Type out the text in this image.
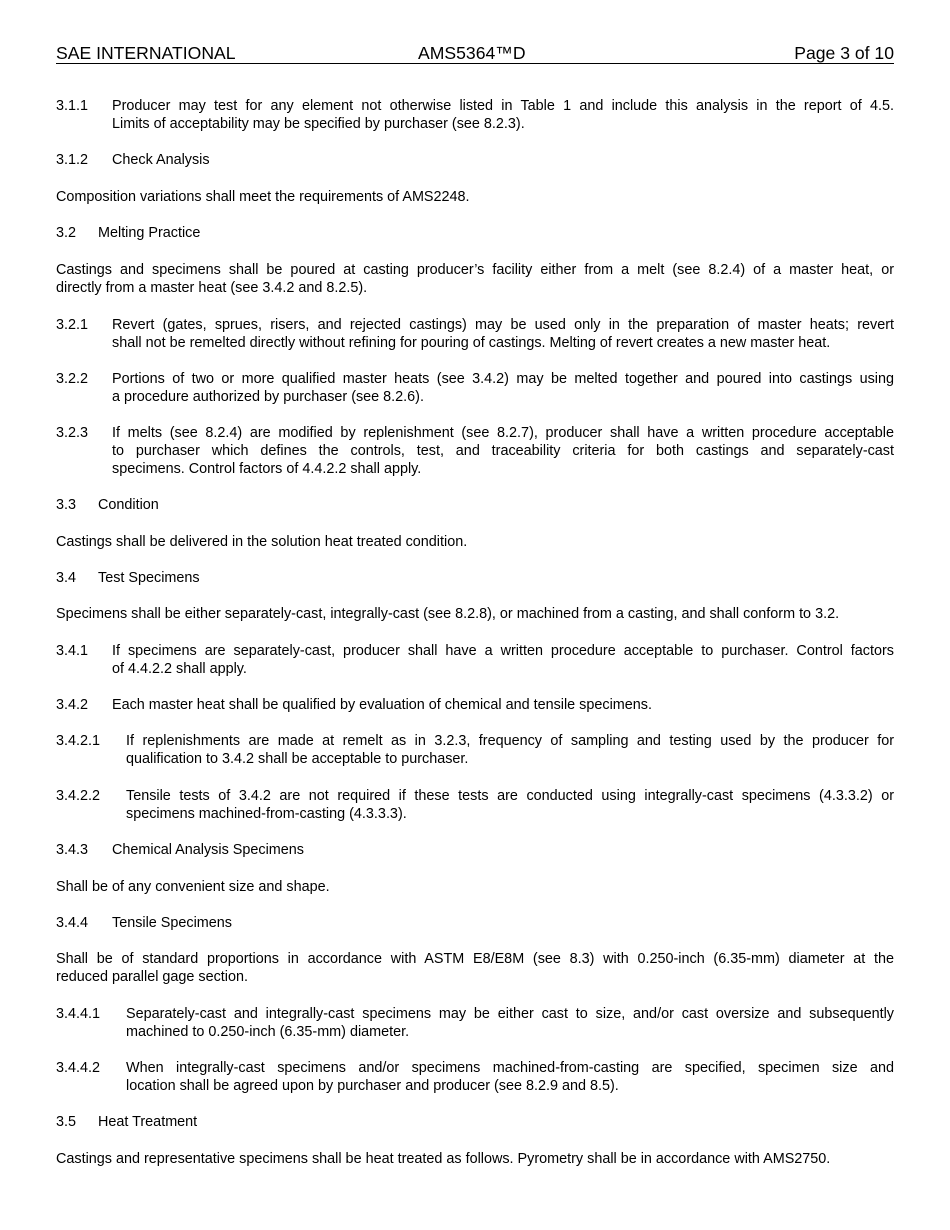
SAE INTERNATIONAL	AMS5364™D	Page 3 of 10
3.1.1 Producer may test for any element not otherwise listed in Table 1 and include this analysis in the report of 4.5.
Limits of acceptability may be specified by purchaser (see 8.2.3).
3.1.2 Check Analysis
Composition variations shall meet the requirements of AMS2248.
3.2 Melting Practice
Castings and specimens shall be poured at casting producer’s facility either from a melt (see 8.2.4) of a master heat, or
directly from a master heat (see 3.4.2 and 8.2.5).
3.2.1 Revert (gates, sprues, risers, and rejected castings) may be used only in the preparation of master heats; revert
shall not be remelted directly without refining for pouring of castings. Melting of revert creates a new master heat.
3.2.2 Portions of two or more qualified master heats (see 3.4.2) may be melted together and poured into castings using
a procedure authorized by purchaser (see 8.2.6).
3.2.3 If melts (see 8.2.4) are modified by replenishment (see 8.2.7), producer shall have a written procedure acceptable
to purchaser which defines the controls, test, and traceability criteria for both castings and separately-cast
specimens. Control factors of 4.4.2.2 shall apply.
3.3 Condition
Castings shall be delivered in the solution heat treated condition.
3.4 Test Specimens
Specimens shall be either separately-cast, integrally-cast (see 8.2.8), or machined from a casting, and shall conform to 3.2.
3.4.1 If specimens are separately-cast, producer shall have a written procedure acceptable to purchaser. Control factors
of 4.4.2.2 shall apply.
3.4.2 Each master heat shall be qualified by evaluation of chemical and tensile specimens.
3.4.2.1 If replenishments are made at remelt as in 3.2.3, frequency of sampling and testing used by the producer for
qualification to 3.4.2 shall be acceptable to purchaser.
3.4.2.2 Tensile tests of 3.4.2 are not required if these tests are conducted using integrally-cast specimens (4.3.3.2) or
specimens machined-from-casting (4.3.3.3).
3.4.3 Chemical Analysis Specimens
Shall be of any convenient size and shape.
3.4.4 Tensile Specimens
Shall be of standard proportions in accordance with ASTM E8/E8M (see 8.3) with 0.250-inch (6.35-mm) diameter at the
reduced parallel gage section.
3.4.4.1 Separately-cast and integrally-cast specimens may be either cast to size, and/or cast oversize and subsequently
machined to 0.250-inch (6.35-mm) diameter.
3.4.4.2 When integrally-cast specimens and/or specimens machined-from-casting are specified, specimen size and
location shall be agreed upon by purchaser and producer (see 8.2.9 and 8.5).
3.5 Heat Treatment
Castings and representative specimens shall be heat treated as follows. Pyrometry shall be in accordance with AMS2750.
